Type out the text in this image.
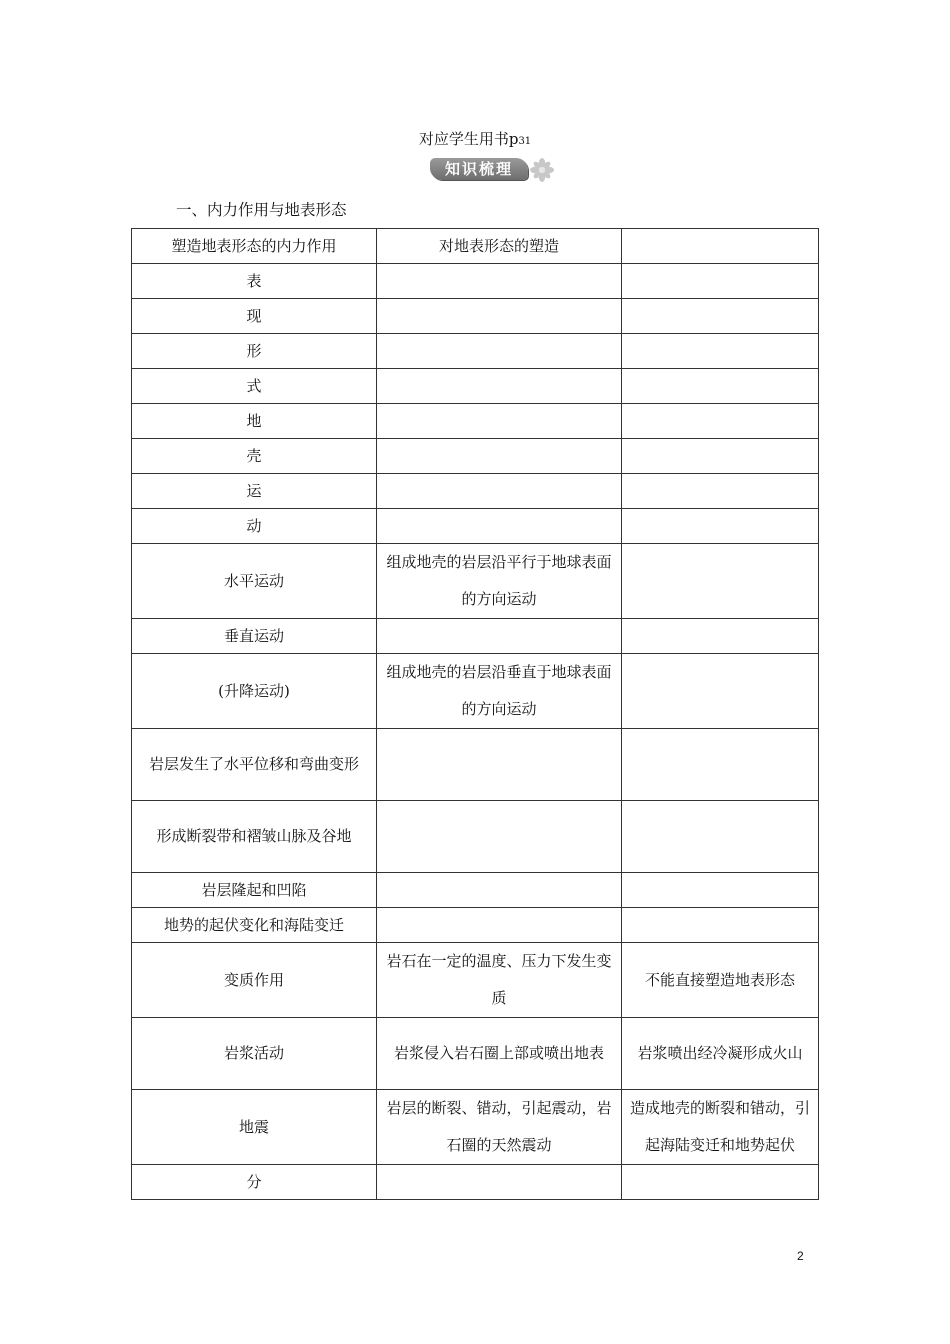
对应学生用书p31
知识梳理
一、内力作用与地表形态
塑造地表形态的内力作用	对地表形态的塑造	
表		
现		
形		
式		
地		
壳		
运		
动		
水平运动	组成地壳的岩层沿平行于地球表面的方向运动	
垂直运动		
(升降运动)	组成地壳的岩层沿垂直于地球表面的方向运动	
岩层发生了水平位移和弯曲变形		
形成断裂带和褶皱山脉及谷地		
岩层隆起和凹陷		
地势的起伏变化和海陆变迁		
变质作用	岩石在一定的温度、压力下发生变质	不能直接塑造地表形态
岩浆活动	岩浆侵入岩石圈上部或喷出地表	岩浆喷出经冷凝形成火山
地震	岩层的断裂、错动，引起震动，岩石圈的天然震动	造成地壳的断裂和错动，引起海陆变迁和地势起伏
分		
2
